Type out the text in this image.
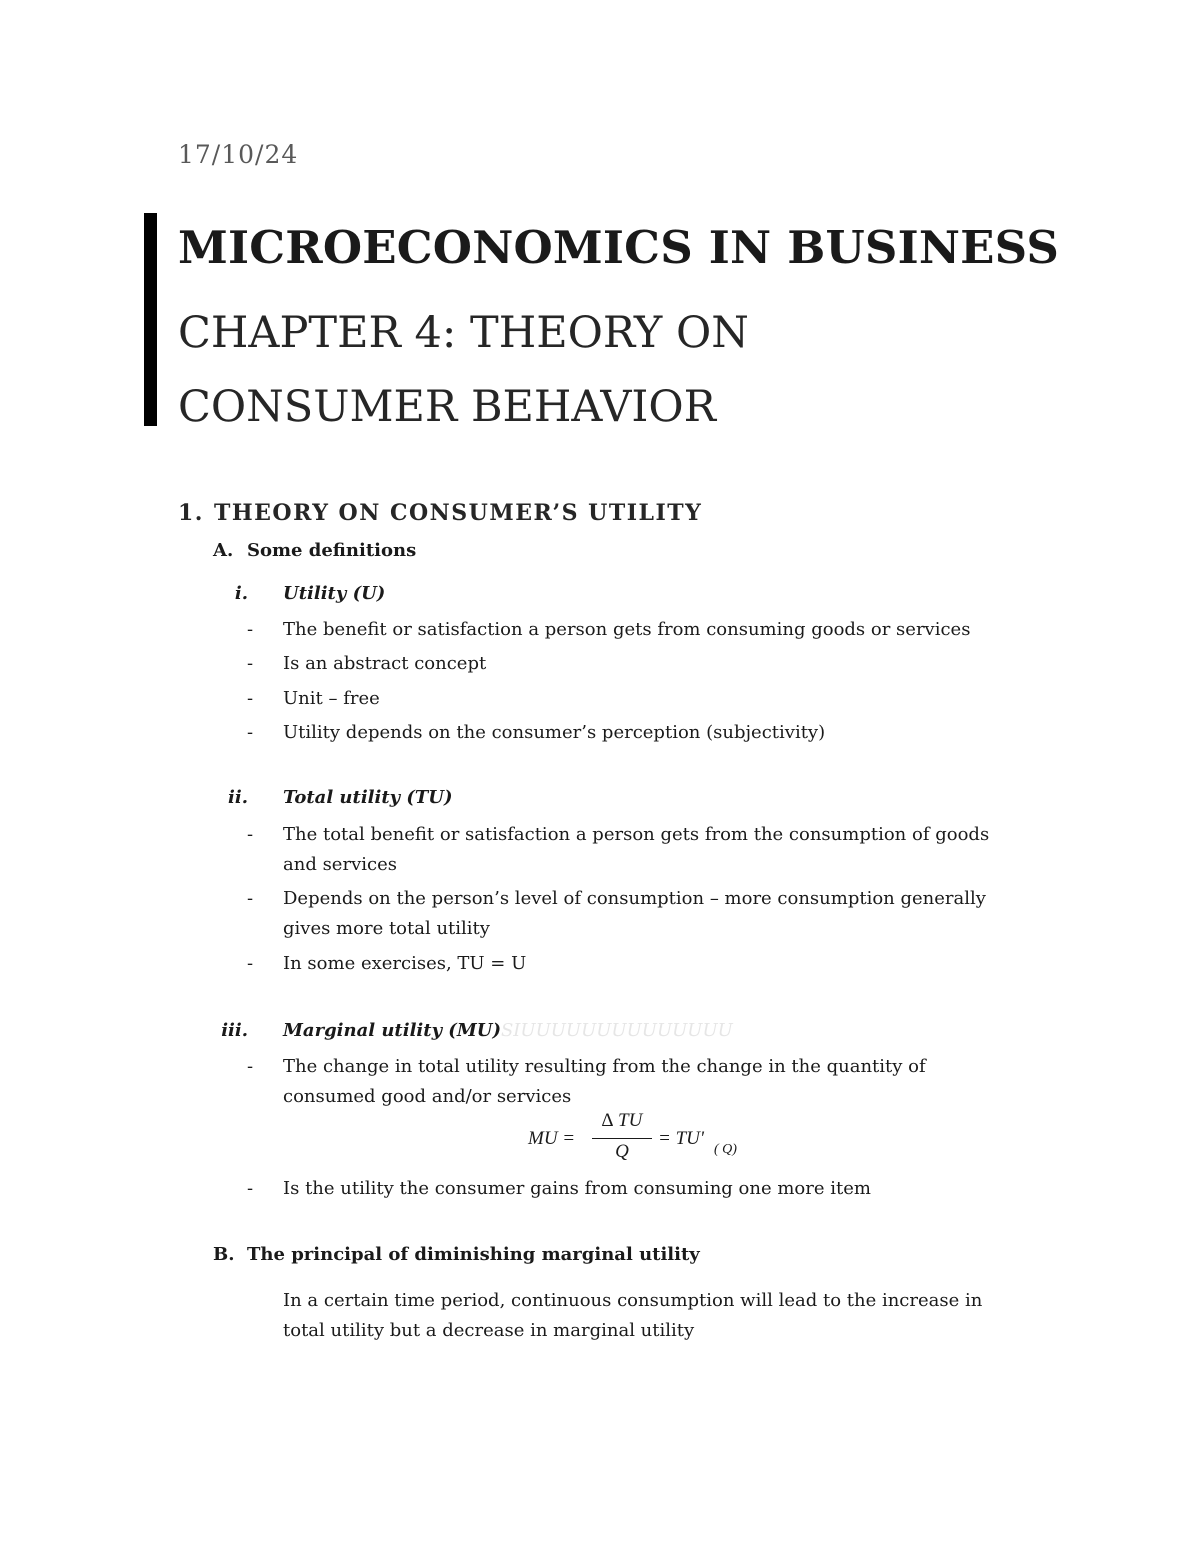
17/10/24
MICROECONOMICS IN BUSINESS
CHAPTER 4: THEORY ON CONSUMER BEHAVIOR
1. THEORY ON CONSUMER’S UTILITY
A. Some definitions
i. Utility (U)
- The benefit or satisfaction a person gets from consuming goods or services
- Is an abstract concept
- Unit – free
- Utility depends on the consumer’s perception (subjectivity)
ii. Total utility (TU)
- The total benefit or satisfaction a person gets from the consumption of goods and services
- Depends on the person’s level of consumption – more consumption generally gives more total utility
- In some exercises, TU = U
iii. Marginal utility (MU)SIUUUUUUUUUUUUUU
- The change in total utility resulting from the change in the quantity of consumed good and/or services
MU =
∆ TU
Q
= TU'
( Q)
- Is the utility the consumer gains from consuming one more item
B. The principal of diminishing marginal utility
In a certain time period, continuous consumption will lead to the increase in total utility but a decrease in marginal utility
